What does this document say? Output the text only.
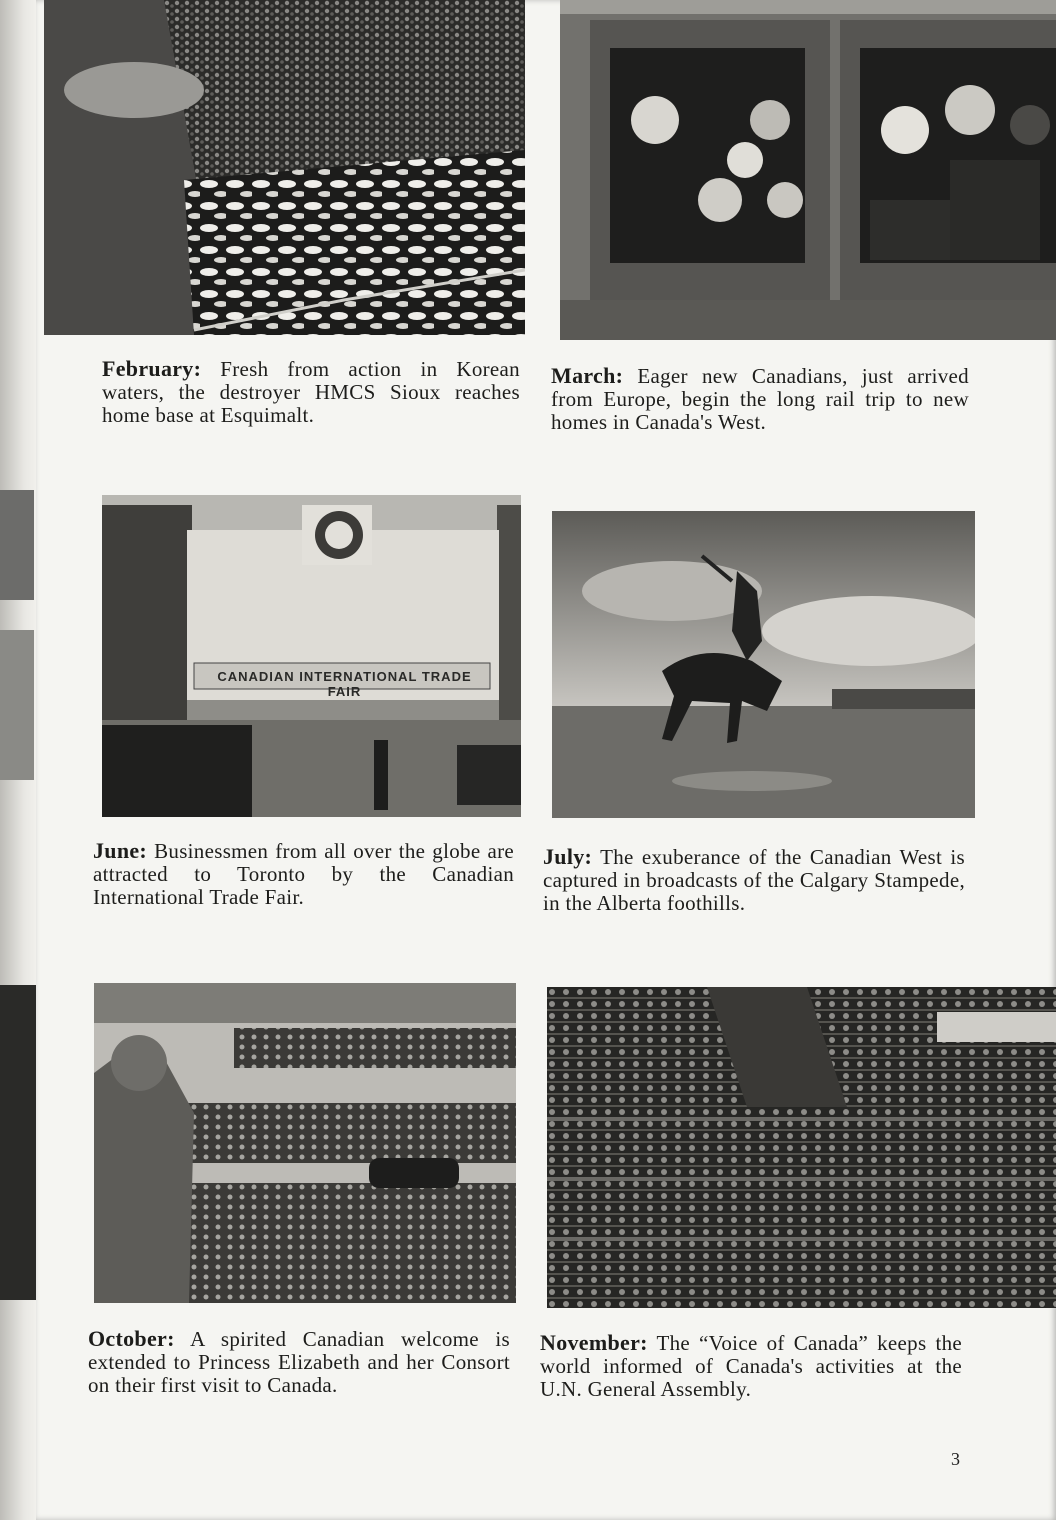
February: Fresh from action in Korean waters, the destroyer HMCS Sioux reaches home base at Esquimalt.
March: Eager new Canadians, just arrived from Europe, begin the long rail trip to new homes in Canada's West.
CANADIAN INTERNATIONAL TRADE FAIR
June: Businessmen from all over the globe are attracted to Toronto by the Canadian International Trade Fair.
July: The exuberance of the Canadian West is captured in broadcasts of the Calgary Stampede, in the Alberta foothills.
October: A spirited Canadian welcome is extended to Princess Elizabeth and her Consort on their first visit to Canada.
November: The “Voice of Canada” keeps the world informed of Canada's activities at the U.N. General Assembly.
3
